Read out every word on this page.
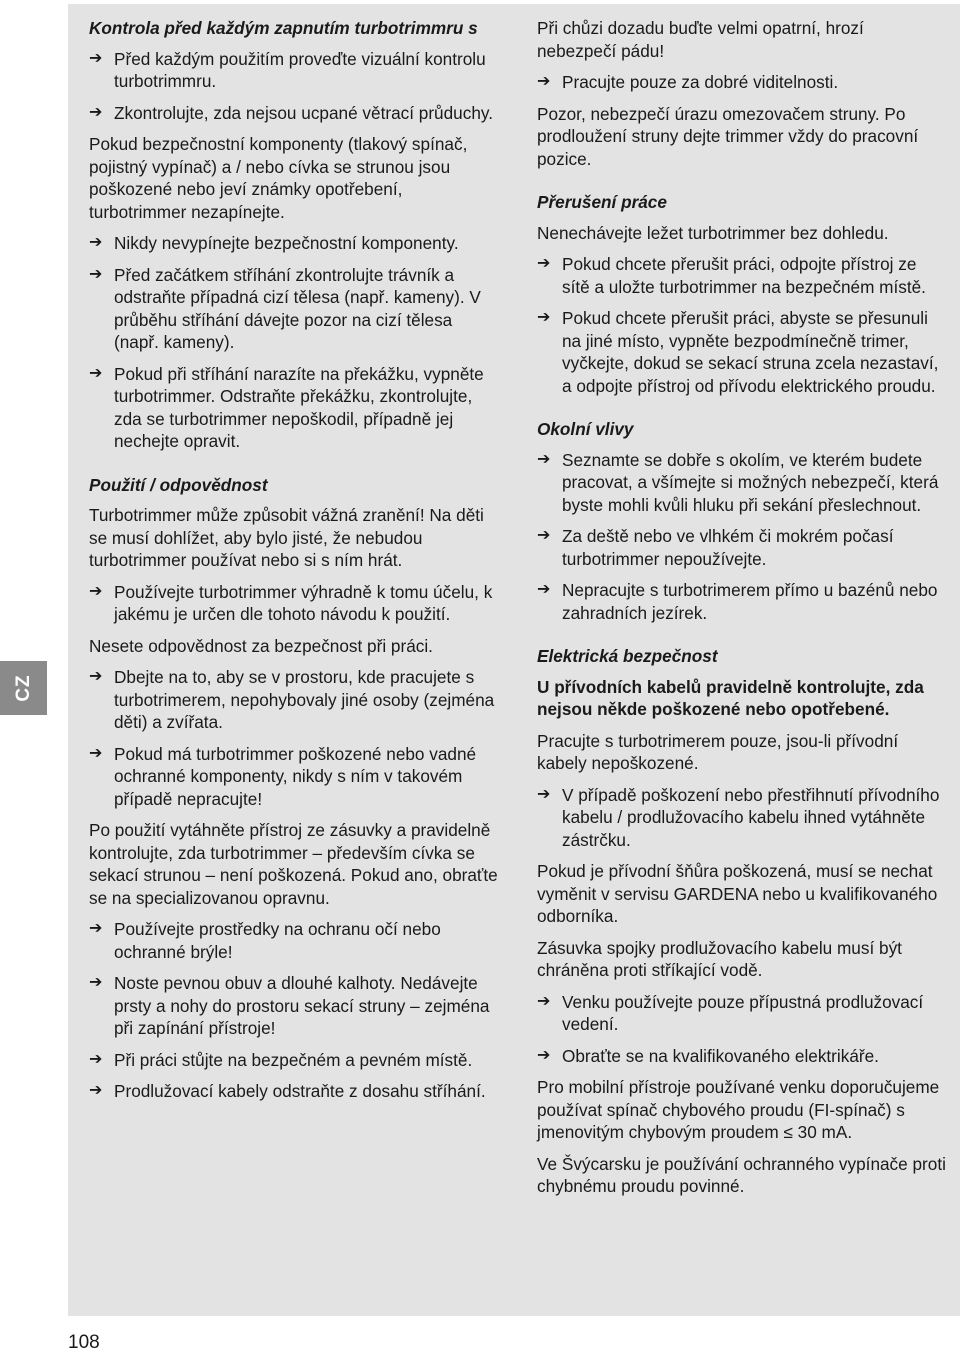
CZ
108
Kontrola před každým zapnutím turbotrimmru s
➔ Před každým použitím proveďte vizuální kontrolu turbotrimmru.
➔ Zkontrolujte, zda nejsou ucpané větrací průduchy.
Pokud bezpečnostní komponenty (tlakový spínač, pojistný vypínač) a / nebo cívka se strunou jsou poškozené nebo jeví známky opotřebení, turbotrimmer nezapínejte.
➔ Nikdy nevypínejte bezpečnostní komponenty.
➔ Před začátkem stříhání zkontrolujte trávník a odstraňte případná cizí tělesa (např. kameny). V průběhu stříhání dávejte pozor na cizí tělesa (např. kameny).
➔ Pokud při stříhání narazíte na překážku, vypněte turbotrimmer. Odstraňte překážku, zkontrolujte, zda se turbotrimmer nepoškodil, případně jej nechejte opravit.
Použití / odpovědnost
Turbotrimmer může způsobit vážná zranění! Na děti se musí dohlížet, aby bylo jisté, že nebudou turbotrimmer používat nebo si s ním hrát.
➔ Používejte turbotrimmer výhradně k tomu účelu, k jakému je určen dle tohoto návodu k použití.
Nesete odpovědnost za bezpečnost při práci.
➔ Dbejte na to, aby se v prostoru, kde pracujete s turbotrimerem, nepohybovaly jiné osoby (zejména děti) a zvířata.
➔ Pokud má turbotrimmer poškozené nebo vadné ochranné komponenty, nikdy s ním v takovém případě nepracujte!
Po použití vytáhněte přístroj ze zásuvky a pravidelně kontrolujte, zda turbotrimmer – především cívka se sekací strunou – není poškozená. Pokud ano, obraťte se na specializovanou opravnu.
➔ Používejte prostředky na ochranu očí nebo ochranné brýle!
➔ Noste pevnou obuv a dlouhé kalhoty. Nedávejte prsty a nohy do prostoru sekací struny – zejména při zapínání přístroje!
➔ Při práci stůjte na bezpečném a pevném místě.
➔ Prodlužovací kabely odstraňte z dosahu stříhání.
Při chůzi dozadu buďte velmi opatrní, hrozí nebezpečí pádu!
➔ Pracujte pouze za dobré viditelnosti.
Pozor, nebezpečí úrazu omezovačem struny. Po prodloužení struny dejte trimmer vždy do pracovní pozice.
Přerušení práce
Nenechávejte ležet turbotrimmer bez dohledu.
➔ Pokud chcete přerušit práci, odpojte přístroj ze sítě a uložte turbotrimmer na bezpečném místě.
➔ Pokud chcete přerušit práci, abyste se přesunuli na jiné místo, vypněte bezpodmínečně trimer, vyčkejte, dokud se sekací struna zcela nezastaví, a odpojte přístroj od přívodu elektrického proudu.
Okolní vlivy
➔ Seznamte se dobře s okolím, ve kterém budete pracovat, a všímejte si možných nebezpečí, která byste mohli kvůli hluku při sekání přeslechnout.
➔ Za deště nebo ve vlhkém či mokrém počasí turbotrimmer nepoužívejte.
➔ Nepracujte s turbotrimerem přímo u bazénů nebo zahradních jezírek.
Elektrická bezpečnost
U přívodních kabelů pravidelně kontrolujte, zda nejsou někde poškozené nebo opotřebené.
Pracujte s turbotrimerem pouze, jsou-li přívodní kabely nepoškozené.
➔ V případě poškození nebo přestřihnutí přívodního kabelu / prodlužovacího kabelu ihned vytáhněte zástrčku.
Pokud je přívodní šňůra poškozená, musí se nechat vyměnit v servisu GARDENA nebo u kvalifikovaného odborníka.
Zásuvka spojky prodlužovacího kabelu musí být chráněna proti stříkající vodě.
➔ Venku používejte pouze přípustná prodlužovací vedení.
➔ Obraťte se na kvalifikovaného elektrikáře.
Pro mobilní přístroje používané venku doporučujeme používat spínač chybového proudu (FI-spínač) s jmenovitým chybovým proudem ≤ 30 mA.
Ve Švýcarsku je používání ochranného vypínače proti chybnému proudu povinné.
